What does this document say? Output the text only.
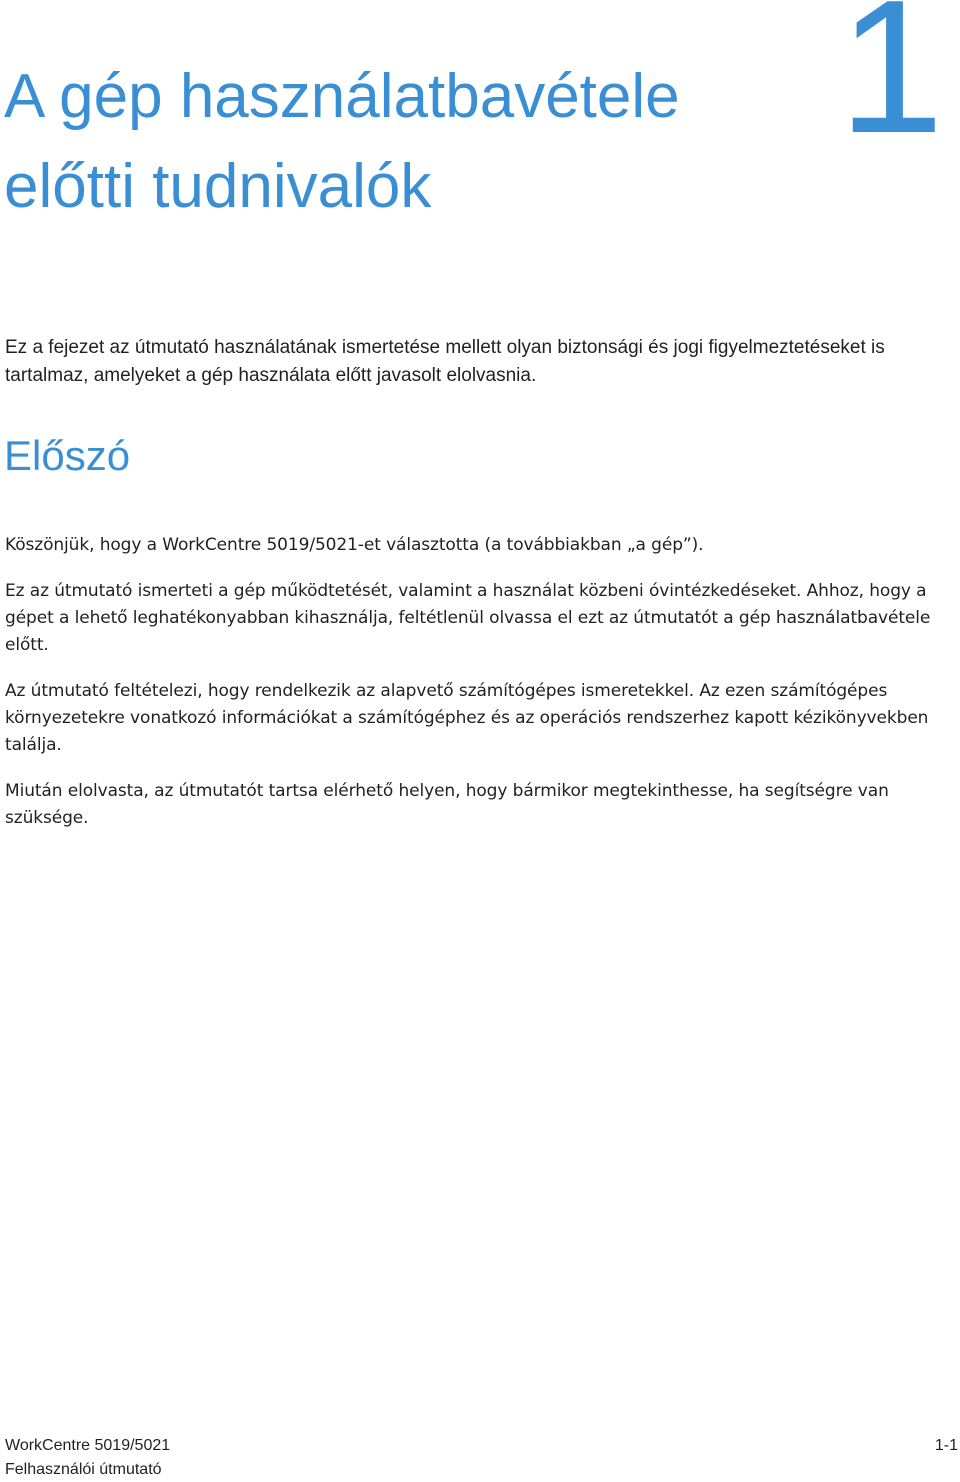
1
A gép használatbavétele előtti tudnivalók

Ez a fejezet az útmutató használatának ismertetése mellett olyan biztonsági és jogi figyelmeztetéseket is tartalmaz, amelyeket a gép használata előtt javasolt elolvasnia.

Előszó

Köszönjük, hogy a WorkCentre 5019/5021-et választotta (a továbbiakban „a gép”).

Ez az útmutató ismerteti a gép működtetését, valamint a használat közbeni óvintézkedéseket. Ahhoz, hogy a gépet a lehető leghatékonyabban kihasználja, feltétlenül olvassa el ezt az útmutatót a gép használatbavétele előtt.

Az útmutató feltételezi, hogy rendelkezik az alapvető számítógépes ismeretekkel. Az ezen számítógépes környezetekre vonatkozó információkat a számítógéphez és az operációs rendszerhez kapott kézikönyvekben találja.

Miután elolvasta, az útmutatót tartsa elérhető helyen, hogy bármikor megtekinthesse, ha segítségre van szüksége.

WorkCentre 5019/5021
Felhasználói útmutató
1-1
